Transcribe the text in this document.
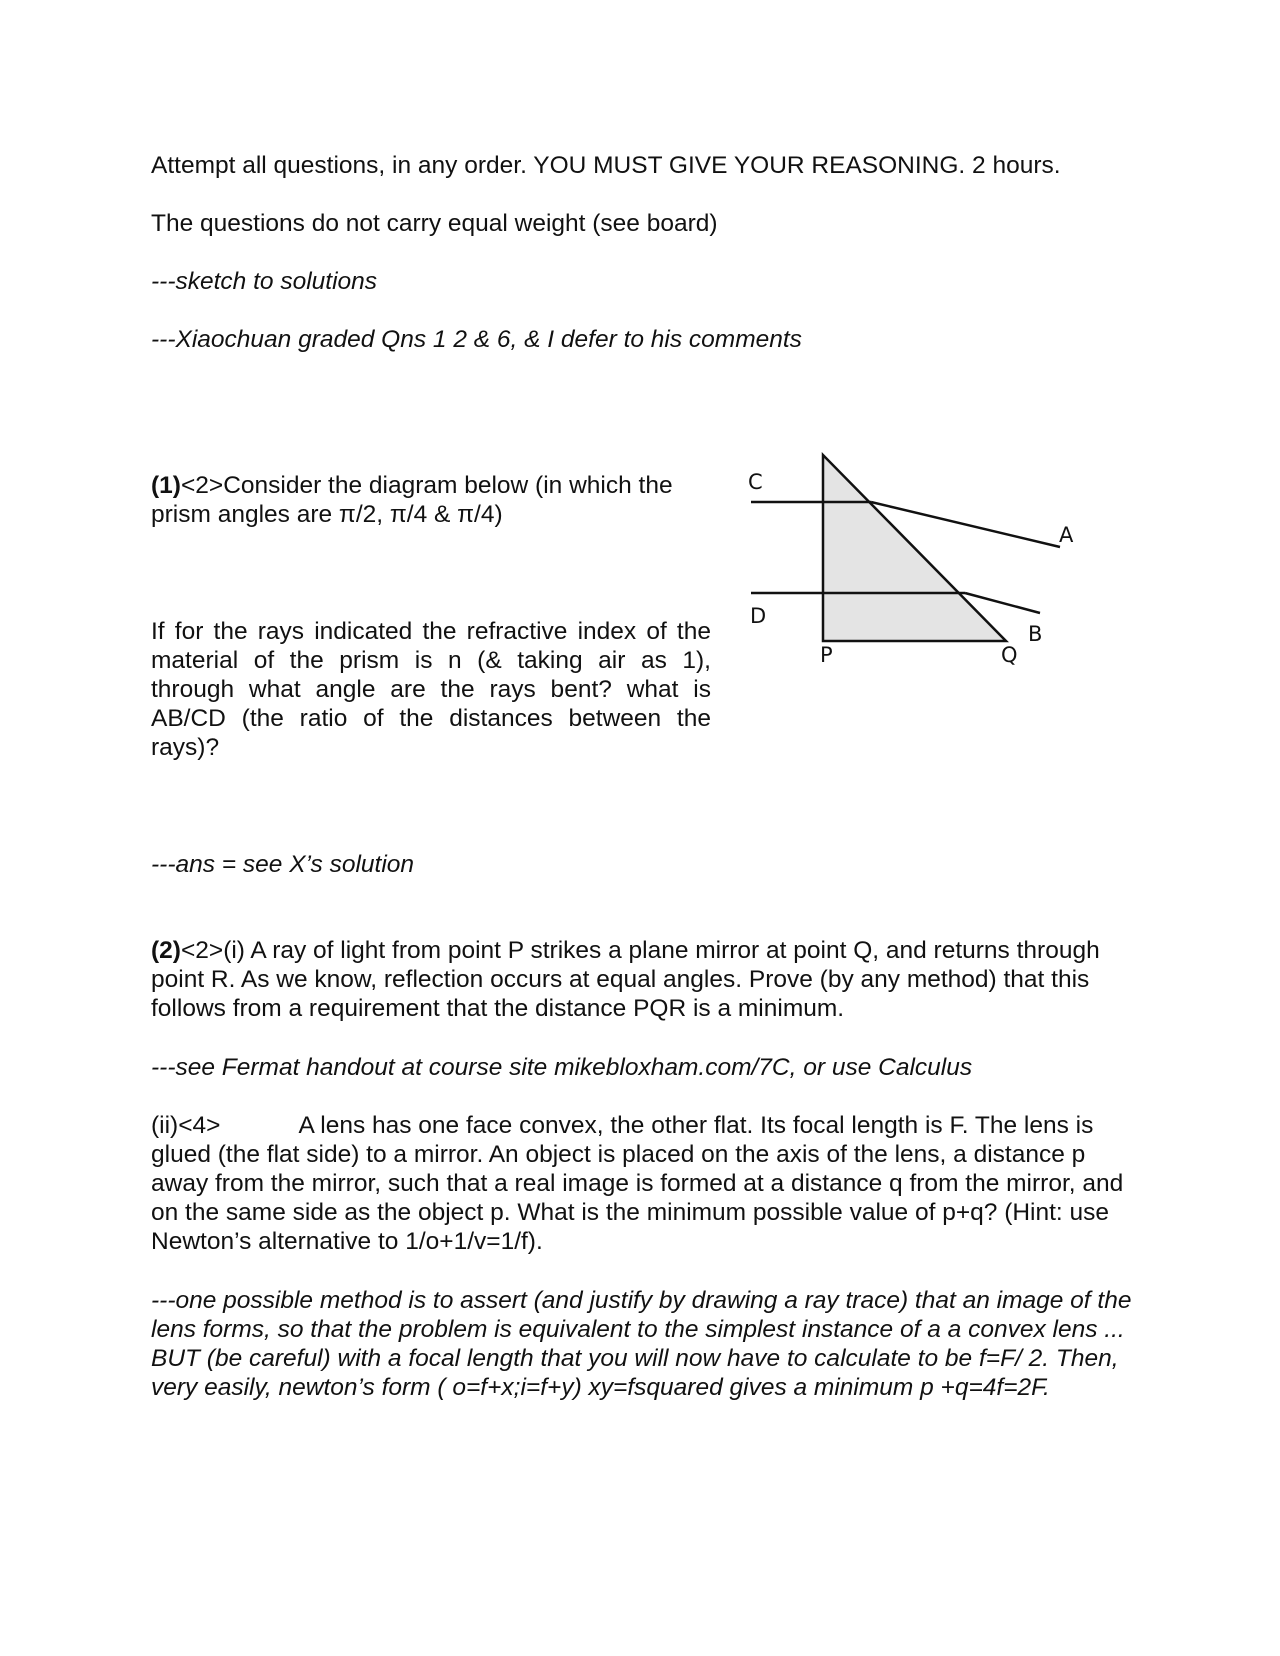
Attempt all questions, in any order. YOU MUST GIVE YOUR REASONING. 2 hours.

The questions do not carry equal weight (see board)

---sketch to solutions

---Xiaochuan graded Qns 1 2 & 6, & I defer to his comments

(1)<2>Consider the diagram below (in which the
prism angles are π/2, π/4 & π/4)
If for the rays indicated the refractive index of the
material of the prism is n (& taking air as 1),
through what angle are the rays bent? what is
AB/CD (the ratio of the distances between the
rays)?
C
A
D
B
P	Q

---ans = see X’s solution

(2)<2>(i) A ray of light from point P strikes a plane mirror at point Q, and returns through point R. As we know, reflection occurs at equal angles. Prove (by any method) that this follows from a requirement that the distance PQR is a minimum.

---see Fermat handout at course site mikebloxham.com/7C, or use Calculus

(ii)<4>	A lens has one face convex, the other flat. Its focal length is F. The lens is glued (the flat side) to a mirror. An object is placed on the axis of the lens, a distance p away from the mirror, such that a real image is formed at a distance q from the mirror, and on the same side as the object p. What is the minimum possible value of p+q? (Hint: use Newton’s alternative to 1/o+1/v=1/f).

---one possible method is to assert (and justify by drawing a ray trace) that an image of the lens forms, so that the problem is equivalent to the simplest instance of a a convex lens ... BUT (be careful) with a focal length that you will now have to calculate to be f=F/ 2. Then, very easily, newton’s form ( o=f+x;i=f+y) xy=fsquared gives a minimum p +q=4f=2F.
